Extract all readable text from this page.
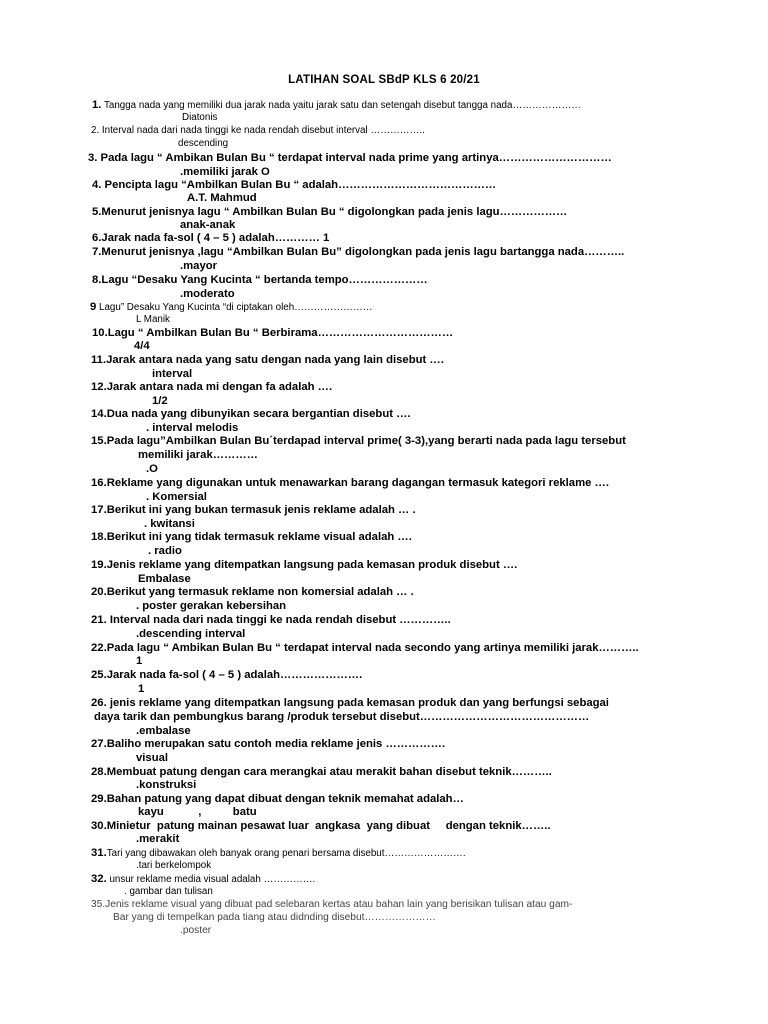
LATIHAN SOAL SBdP KLS 6 20/21
1. Tangga nada yang memiliki dua jarak nada yaitu jarak satu dan setengah disebut tangga nada…………………
Diatonis
2. Interval nada dari nada tinggi ke nada rendah disebut interval ……………..
descending
3. Pada lagu “ Ambikan Bulan Bu “ terdapat interval nada prime yang artinya…………………………
.memiliki jarak O
4. Pencipta lagu “Ambilkan Bulan Bu “ adalah……………………………………
A.T. Mahmud
5.Menurut jenisnya lagu “ Ambilkan Bulan Bu “ digolongkan pada jenis lagu………………
anak-anak
6.Jarak nada fa-sol ( 4 – 5 ) adalah………… 1
7.Menurut jenisnya ,lagu “Ambilkan Bulan Bu” digolongkan pada jenis lagu bartangga nada………..
.mayor
8.Lagu “Desaku Yang Kucinta “ bertanda tempo…………………
.moderato
9 Lagu” Desaku Yang Kucinta “di ciptakan oleh……………………
L Manik
10.Lagu “ Ambilkan Bulan Bu “ Berbirama………………………………
4/4
11.Jarak antara nada yang satu dengan nada yang lain disebut ….
interval
12.Jarak antara nada mi dengan fa adalah ….
1/2
14.Dua nada yang dibunyikan secara bergantian disebut ….
. interval melodis
15.Pada lagu”Ambilkan Bulan Bu´terdapad interval prime( 3-3),yang berarti nada pada lagu tersebut
memiliki jarak…………
.O
16.Reklame yang digunakan untuk menawarkan barang dagangan termasuk kategori reklame ….
. Komersial
17.Berikut ini yang bukan termasuk jenis reklame adalah … .
. kwitansi
18.Berikut ini yang tidak termasuk reklame visual adalah ….
. radio
19.Jenis reklame yang ditempatkan langsung pada kemasan produk disebut ….
Embalase
20.Berikut yang termasuk reklame non komersial adalah … .
. poster gerakan kebersihan
21. Interval nada dari nada tinggi ke nada rendah disebut …………..
.descending interval
22.Pada lagu “ Ambikan Bulan Bu “ terdapat interval nada secondo yang artinya memiliki jarak………..
1
25.Jarak nada fa-sol ( 4 – 5 ) adalah………………….
1
26. jenis reklame yang ditempatkan langsung pada kemasan produk dan yang berfungsi sebagai
daya tarik dan pembungkus barang /produk tersebut disebut………………………………………
.embalase
27.Baliho merupakan satu contoh media reklame jenis …………….
visual
28.Membuat patung dengan cara merangkai atau merakit bahan disebut teknik………..
.konstruksi
29.Bahan patung yang dapat dibuat dengan teknik memahat adalah…
kayu           ,          batu
30.Minietur  patung mainan pesawat luar  angkasa  yang dibuat     dengan teknik……..
.merakit
31.Tari yang dibawakan oleh banyak orang penari bersama disebut…………………….
.tari berkelompok
32. unsur reklame media visual adalah …………….
. gambar dan tulisan
35.Jenis reklame visual yang dibuat pad selebaran kertas atau bahan lain yang berisikan tulisan atau gam-
Bar yang di tempelkan pada tiang atau didnding disebut…………………
.poster
